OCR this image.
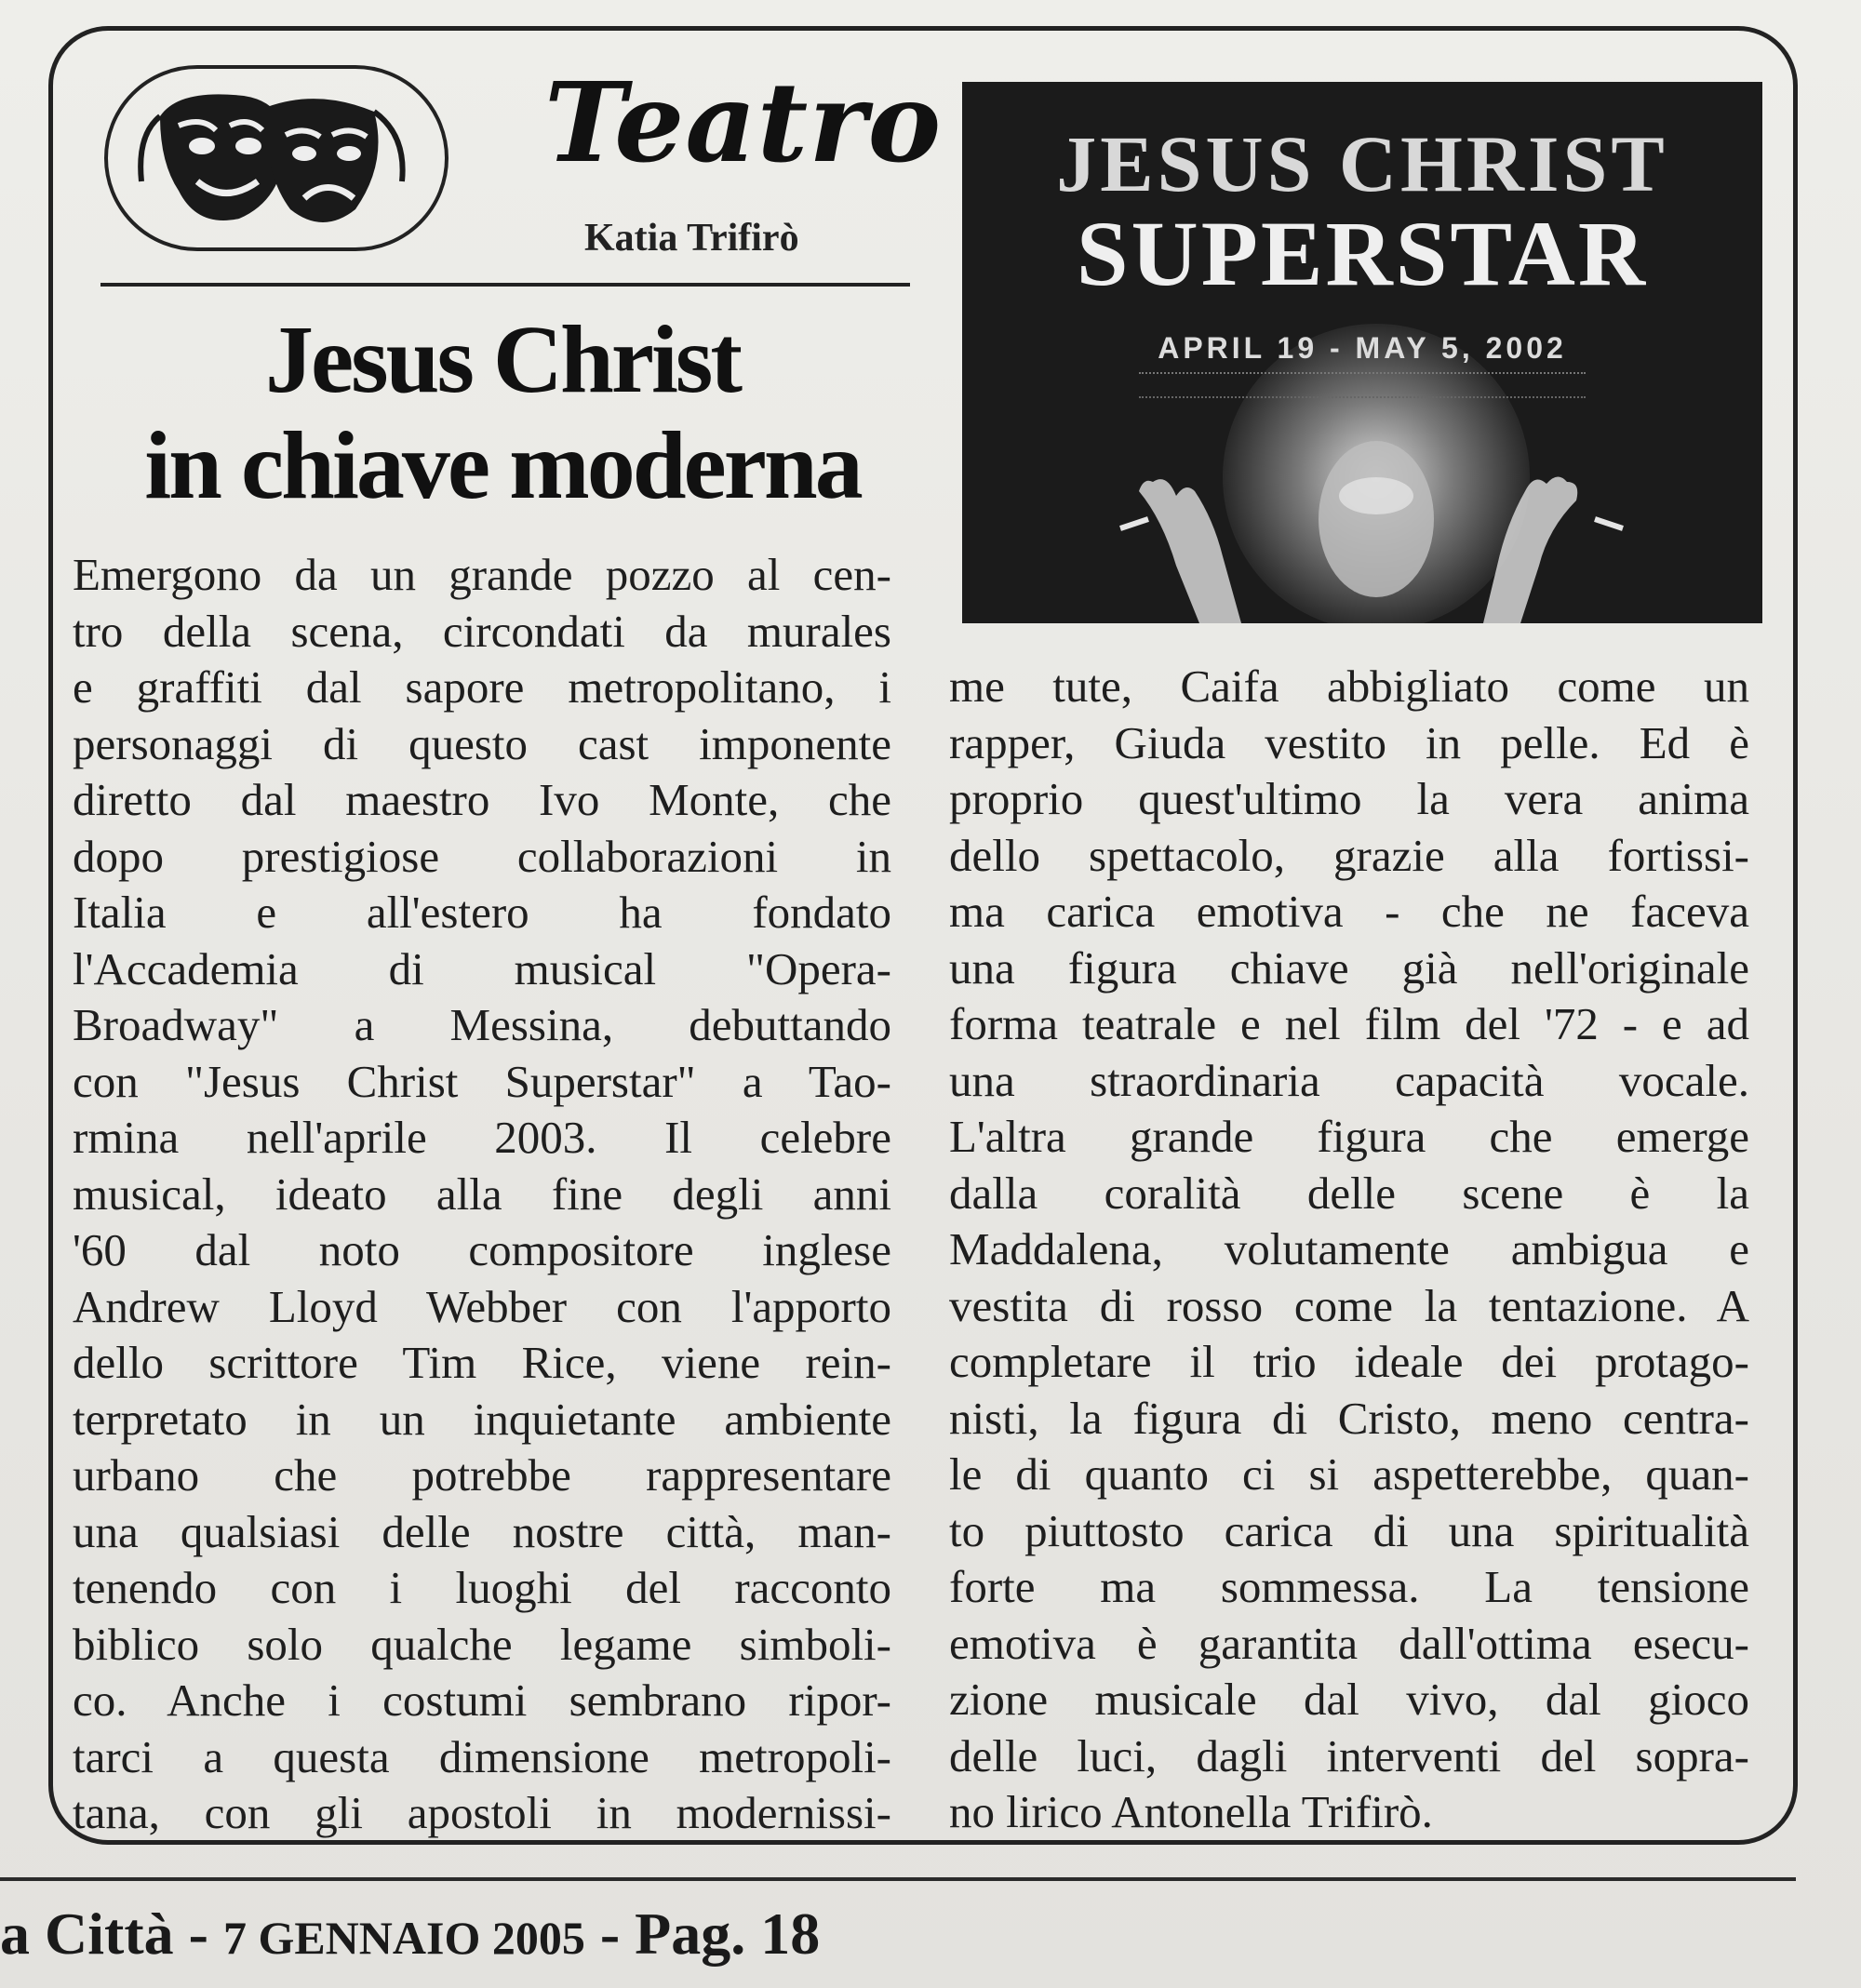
Teatro
Katia Trifirò
Jesus Christ
in chiave moderna
JESUS CHRIST
SUPERSTAR
APRIL 19 - MAY 5, 2002
Emergono da un grande pozzo al cen-
tro della scena, circondati da murales
e graffiti dal sapore metropolitano, i
personaggi di questo cast imponente
diretto dal maestro Ivo Monte, che
dopo prestigiose collaborazioni in
Italia e all'estero ha fondato
l'Accademia di musical "Opera-
Broadway" a Messina, debuttando
con "Jesus Christ Superstar" a Tao-
rmina nell'aprile 2003. Il celebre
musical, ideato alla fine degli anni
'60 dal noto compositore inglese
Andrew Lloyd Webber con l'apporto
dello scrittore Tim Rice, viene rein-
terpretato in un inquietante ambiente
urbano che potrebbe rappresentare
una qualsiasi delle nostre città, man-
tenendo con i luoghi del racconto
biblico solo qualche legame simboli-
co. Anche i costumi sembrano ripor-
tarci a questa dimensione metropoli-
tana, con gli apostoli in modernissi-
me tute, Caifa abbigliato come un
rapper, Giuda vestito in pelle. Ed è
proprio quest'ultimo la vera anima
dello spettacolo, grazie alla fortissi-
ma carica emotiva - che ne faceva
una figura chiave già nell'originale
forma teatrale e nel film del '72 - e ad
una straordinaria capacità vocale.
L'altra grande figura che emerge
dalla coralità delle scene è la
Maddalena, volutamente ambigua e
vestita di rosso come la tentazione. A
completare il trio ideale dei protago-
nisti, la figura di Cristo, meno centra-
le di quanto ci si aspetterebbe, quan-
to piuttosto carica di una spiritualità
forte ma sommessa. La tensione
emotiva è garantita dall'ottima esecu-
zione musicale dal vivo, dal gioco
delle luci, dagli interventi del sopra-
no lirico Antonella Trifirò.
a Città - 7 GENNAIO 2005 - Pag. 18
